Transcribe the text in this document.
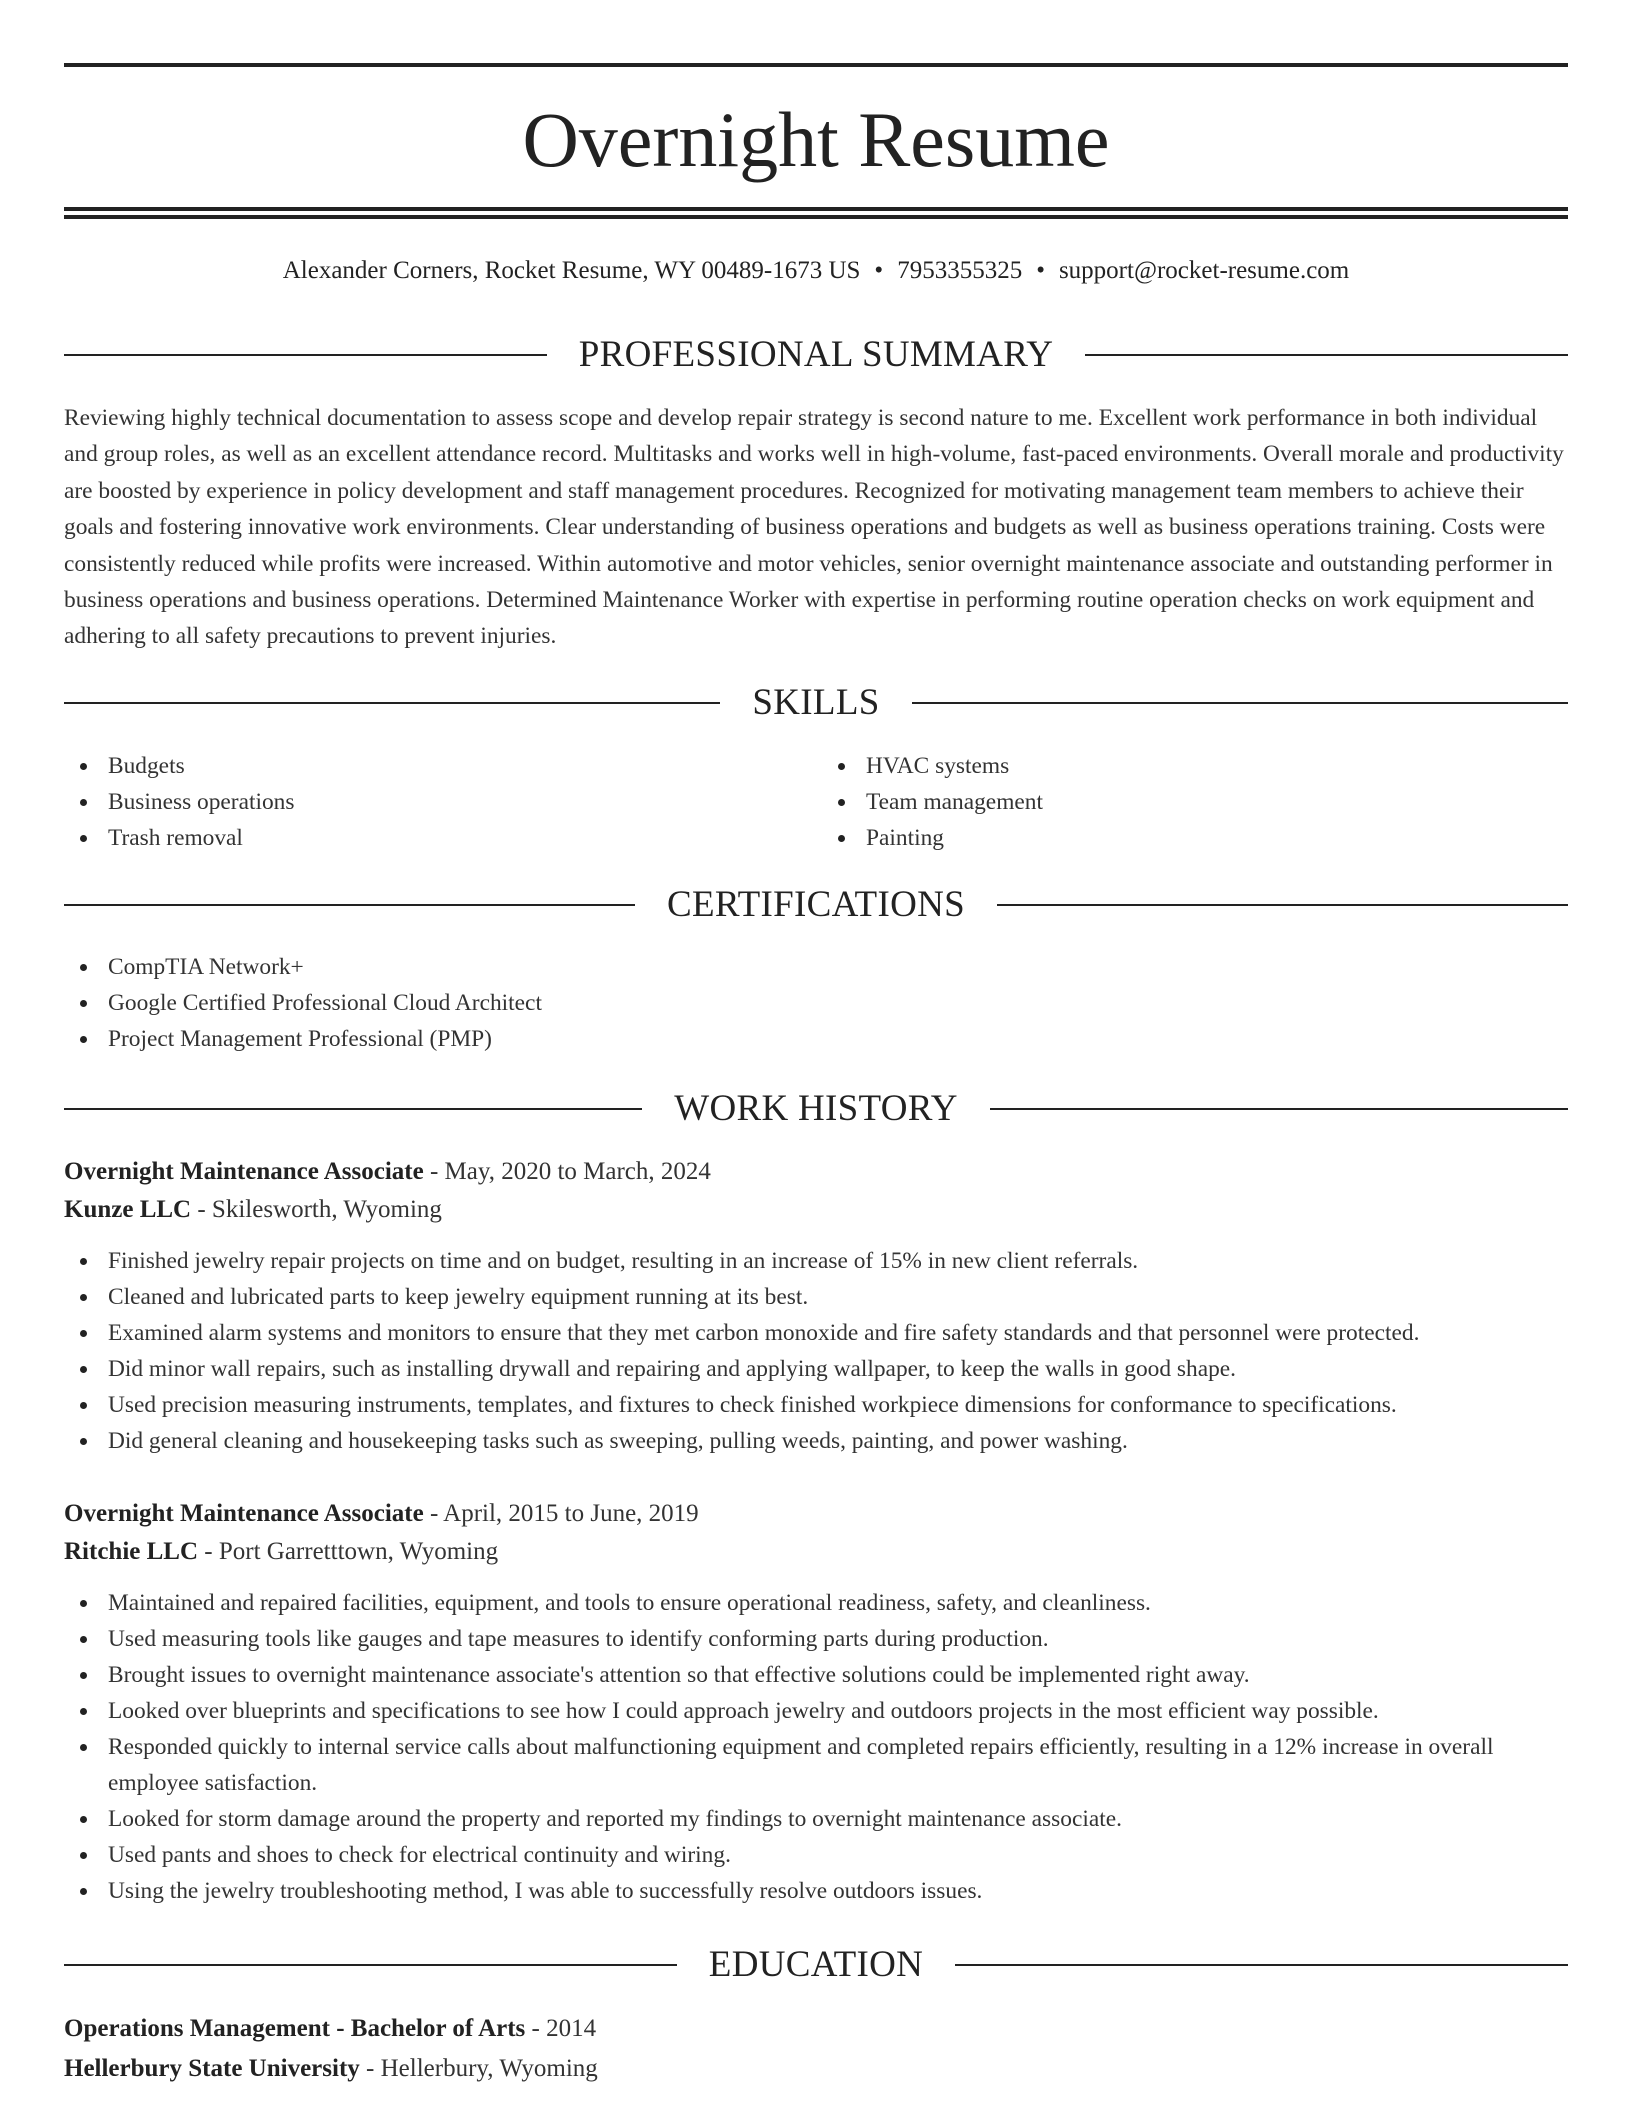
Overnight Resume
Alexander Corners, Rocket Resume, WY 00489-1673 US • 7953355325 • support@rocket-resume.com
PROFESSIONAL SUMMARY

Reviewing highly technical documentation to assess scope and develop repair strategy is second nature to me. Excellent work performance in both individual and group roles, as well as an excellent attendance record. Multitasks and works well in high-volume, fast-paced environments. Overall morale and productivity are boosted by experience in policy development and staff management procedures. Recognized for motivating management team members to achieve their goals and fostering innovative work environments. Clear understanding of business operations and budgets as well as business operations training. Costs were consistently reduced while profits were increased. Within automotive and motor vehicles, senior overnight maintenance associate and outstanding performer in business operations and business operations. Determined Maintenance Worker with expertise in performing routine operation checks on work equipment and adhering to all safety precautions to prevent injuries.

SKILLS
Budgets
Business operations
Trash removal
HVAC systems
Team management
Painting
CERTIFICATIONS
CompTIA Network+
Google Certified Professional Cloud Architect
Project Management Professional (PMP)
WORK HISTORY
Overnight Maintenance Associate - May, 2020 to March, 2024
Kunze LLC - Skilesworth, Wyoming
Finished jewelry repair projects on time and on budget, resulting in an increase of 15% in new client referrals.
Cleaned and lubricated parts to keep jewelry equipment running at its best.
Examined alarm systems and monitors to ensure that they met carbon monoxide and fire safety standards and that personnel were protected.
Did minor wall repairs, such as installing drywall and repairing and applying wallpaper, to keep the walls in good shape.
Used precision measuring instruments, templates, and fixtures to check finished workpiece dimensions for conformance to specifications.
Did general cleaning and housekeeping tasks such as sweeping, pulling weeds, painting, and power washing.
Overnight Maintenance Associate - April, 2015 to June, 2019
Ritchie LLC - Port Garretttown, Wyoming
Maintained and repaired facilities, equipment, and tools to ensure operational readiness, safety, and cleanliness.
Used measuring tools like gauges and tape measures to identify conforming parts during production.
Brought issues to overnight maintenance associate's attention so that effective solutions could be implemented right away.
Looked over blueprints and specifications to see how I could approach jewelry and outdoors projects in the most efficient way possible.
Responded quickly to internal service calls about malfunctioning equipment and completed repairs efficiently, resulting in a 12% increase in overall employee satisfaction.
Looked for storm damage around the property and reported my findings to overnight maintenance associate.
Used pants and shoes to check for electrical continuity and wiring.
Using the jewelry troubleshooting method, I was able to successfully resolve outdoors issues.
EDUCATION
Operations Management - Bachelor of Arts - 2014
Hellerbury State University - Hellerbury, Wyoming
